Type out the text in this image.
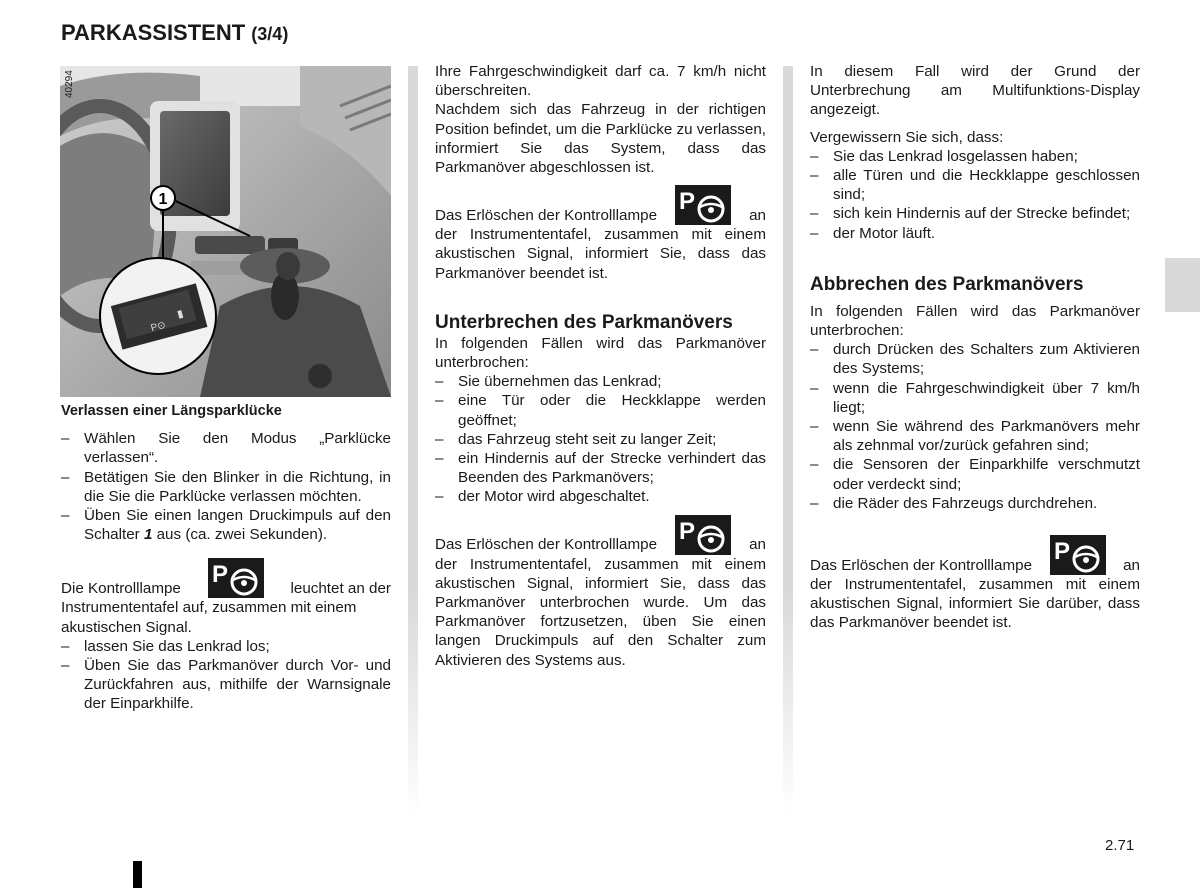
PARKASSISTENT (3/4)
1
P⊙
40294

Verlassen einer Längsparklücke

– Wählen Sie den Modus „Parklücke verlassen“.
– Betätigen Sie den Blinker in die Richtung, in die Sie die Parklücke verlassen möchten.
– Üben Sie einen langen Druckimpuls auf den Schalter 1 aus (ca. zwei Sekunden).
Die Kontrolllampe
P
leuchtet an der

Instrumententafel auf, zusammen mit einem akustischen Signal.

– lassen Sie das Lenkrad los;
– Üben Sie das Parkmanöver durch Vor- und Zurückfahren aus, mithilfe der Warnsignale der Einparkhilfe.

Ihre Fahrgeschwindigkeit darf ca. 7 km/h nicht überschreiten.

Nachdem sich das Fahrzeug in der richtigen Position befindet, um die Parklücke zu verlassen, informiert Sie das System, dass das Parkmanöver abgeschlossen ist.

Das Erlöschen der Kontrolllampe
P
an

der Instrumententafel, zusammen mit einem akustischen Signal, informiert Sie, dass das Parkmanöver beendet ist.

Unterbrechen des Parkmanövers

In folgenden Fällen wird das Parkmanöver unterbrochen:

– Sie übernehmen das Lenkrad;
– eine Tür oder die Heckklappe werden geöffnet;
– das Fahrzeug steht seit zu langer Zeit;
– ein Hindernis auf der Strecke verhindert das Beenden des Parkmanövers;
– der Motor wird abgeschaltet.
Das Erlöschen der Kontrolllampe
P
an

der Instrumententafel, zusammen mit einem akustischen Signal, informiert Sie, dass das Parkmanöver unterbrochen wurde. Um das Parkmanöver fortzusetzen, üben Sie einen langen Druckimpuls auf den Schalter zum Aktivieren des Systems aus.

In diesem Fall wird der Grund der Unterbrechung am Multifunktions-Display angezeigt.

Vergewissern Sie sich, dass:

– Sie das Lenkrad losgelassen haben;
– alle Türen und die Heckklappe geschlossen sind;
– sich kein Hindernis auf der Strecke befindet;
– der Motor läuft.
Abbrechen des Parkmanövers

In folgenden Fällen wird das Parkmanöver unterbrochen:

– durch Drücken des Schalters zum Aktivieren des Systems;
– wenn die Fahrgeschwindigkeit über 7 km/h liegt;
– wenn Sie während des Parkmanövers mehr als zehnmal vor/zurück gefahren sind;
– die Sensoren der Einparkhilfe verschmutzt oder verdeckt sind;
– die Räder des Fahrzeugs durchdrehen.
Das Erlöschen der Kontrolllampe
P
an

der Instrumententafel, zusammen mit einem akustischen Signal, informiert Sie darüber, dass das Parkmanöver beendet ist.

2.71
